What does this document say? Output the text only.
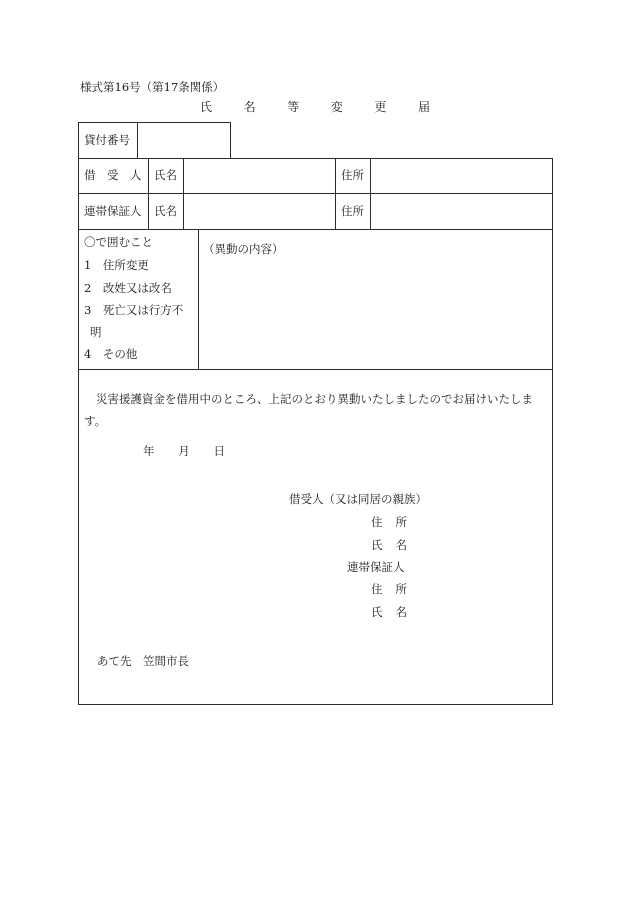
様式第16号（第17条関係）
氏	名	等	変	更	届
貸付番号
借　受　人 氏名	住所
連帯保証人 氏名	住所
〇で囲むこと
1　住所変更
2　改姓又は改名
3　死亡又は行方不
明
4　その他
（異動の内容）
災害援護資金を借用中のところ、上記のとおり異動いたしましたのでお届けいたします。
年 月 日
借受人（又は同居の親族）
住 所
氏 名
連帯保証人
住 所
氏 名
あて先　笠間市長
